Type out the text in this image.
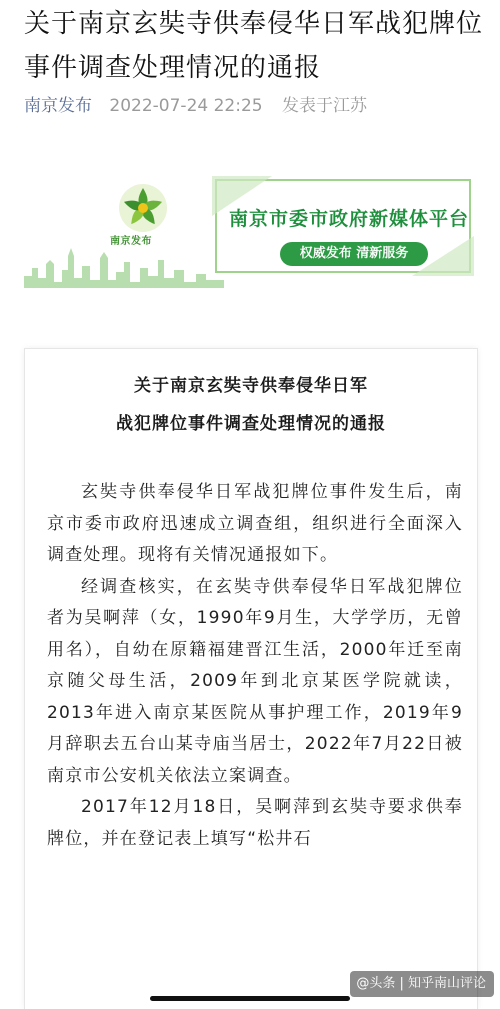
关于南京玄奘寺供奉侵华日军战犯牌位事件调查处理情况的通报
南京发布 2022-07-24 22:25 发表于江苏
南京发布
南京市委市政府新媒体平台
权威发布 清新服务
关于南京玄奘寺供奉侵华日军
战犯牌位事件调查处理情况的通报

玄奘寺供奉侵华日军战犯牌位事件发生后，南京市委市政府迅速成立调查组，组织进行全面深入调查处理。现将有关情况通报如下。

经调查核实，在玄奘寺供奉侵华日军战犯牌位者为吴啊萍（女，1990年9月生，大学学历，无曾用名），自幼在原籍福建晋江生活，2000年迁至南京随父母生活，2009年到北京某医学院就读，2013年进入南京某医院从事护理工作，2019年9月辞职去五台山某寺庙当居士，2022年7月22日被南京市公安机关依法立案调查。

2017年12月18日，吴啊萍到玄奘寺要求供奉牌位，并在登记表上填写“松井石

@头条 | 知乎南山评论
